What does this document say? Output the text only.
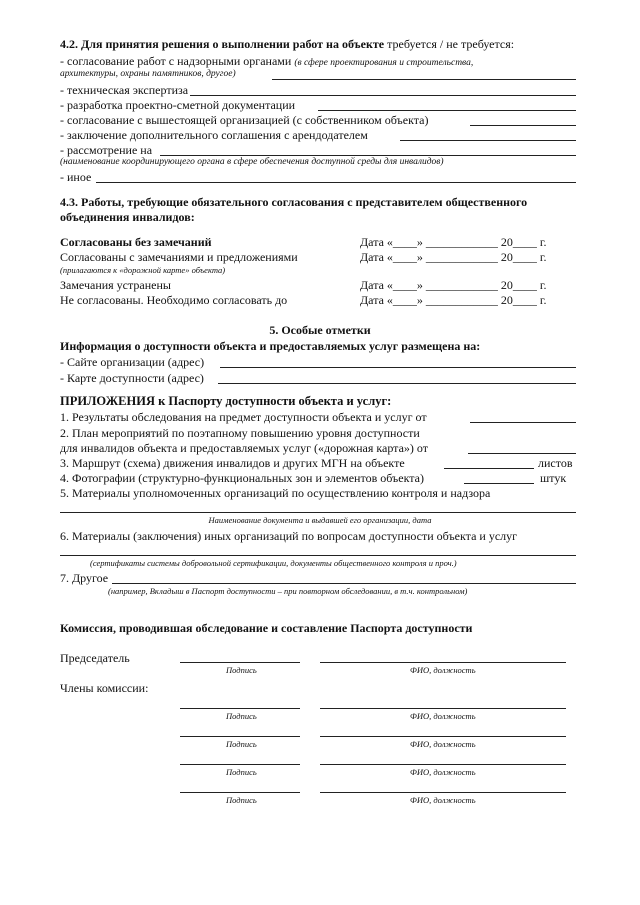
4.2. Для принятия решения о выполнении работ на объекте требуется / не требуется:
- согласование работ с надзорными органами (в сфере проектирования и строительства,
архитектуры, охраны памятников, другое)
- техническая экспертиза
- разработка проектно-сметной документации
- согласование с вышестоящей организацией (с собственником объекта)
- заключение дополнительного соглашения с арендодателем
- рассмотрение на
(наименование координирующего органа в сфере обеспечения доступной среды для инвалидов)
- иное
4.3. Работы, требующие обязательного согласования с представителем общественного
объединения инвалидов:
Согласованы без замечаний	Дата «____» ____________ 20____ г.
Согласованы с замечаниями и предложениями	Дата «____» ____________ 20____ г.
(прилагаются к «дорожной карте» объекта)
Замечания устранены	Дата «____» ____________ 20____ г.
Не согласованы. Необходимо согласовать до	Дата «____» ____________ 20____ г.
5. Особые отметки
Информация о доступности объекта и предоставляемых услуг размещена на:
- Сайте организации (адрес)
- Карте доступности (адрес)
ПРИЛОЖЕНИЯ к Паспорту доступности объекта и услуг:
1. Результаты обследования на предмет доступности объекта и услуг от
2. План мероприятий по поэтапному повышению уровня доступности
для инвалидов объекта и предоставляемых услуг («дорожная карта») от
3. Маршрут (схема) движения инвалидов и других МГН на объекте	листов
4. Фотографии (структурно-функциональных зон и элементов объекта)	штук
5. Материалы уполномоченных организаций по осуществлению контроля и надзора
Наименование документа и выдавшей его организации, дата
6. Материалы (заключения) иных организаций по вопросам доступности объекта и услуг
(сертификаты системы добровольной сертификации, документы общественного контроля и проч.)
7. Другое
(например, Вкладыш в Паспорт доступности – при повторном обследовании, в т.ч. контрольном)
Комиссия, проводившая обследование и составление Паспорта доступности
Председатель
Подпись	ФИО, должность
Члены комиссии:
Подпись	ФИО, должность
Подпись	ФИО, должность
Подпись	ФИО, должность
Подпись	ФИО, должность
